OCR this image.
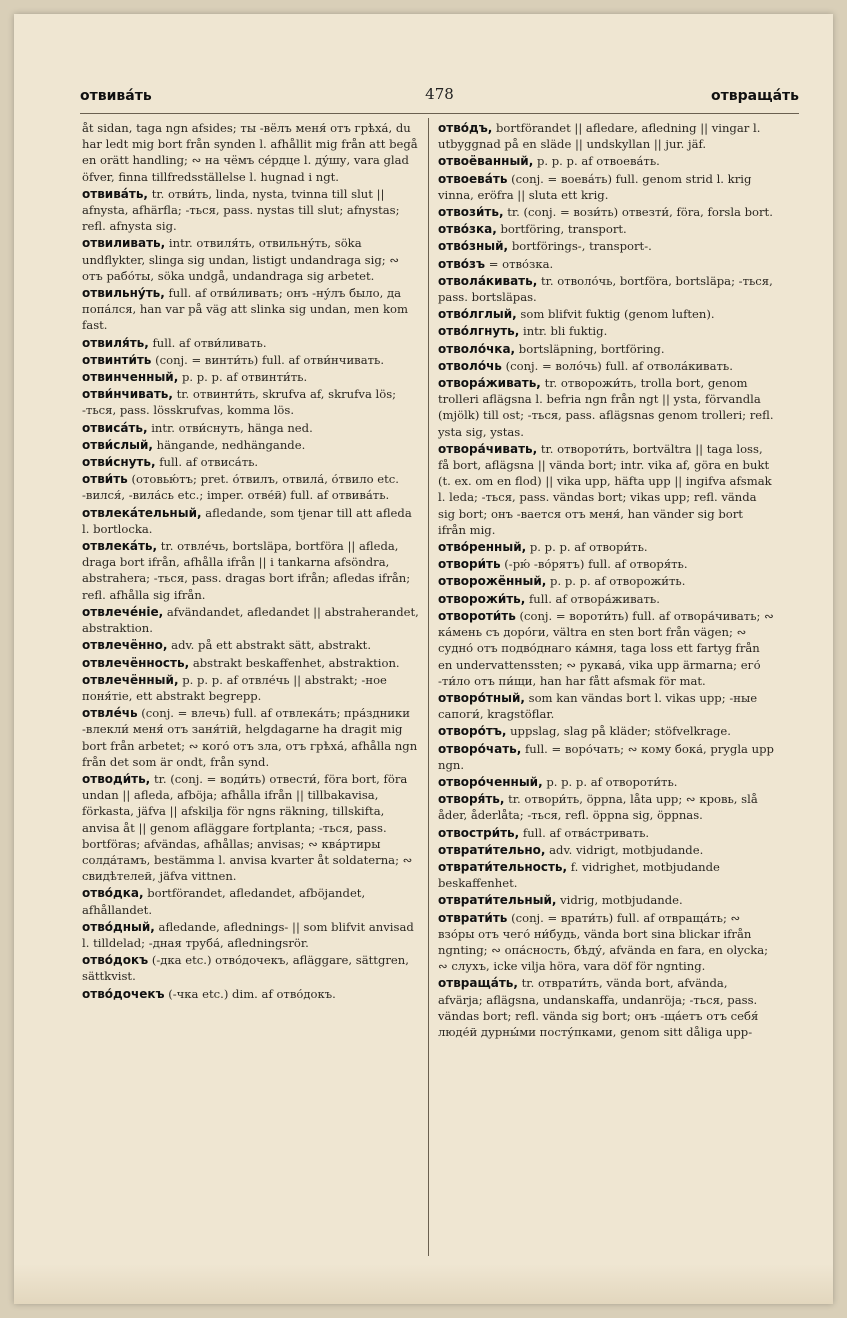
отвивáть	478	отвращáть

åt sidan, taga ngn afsides; ты -вёлъ меня́ отъ грѣха́, du har ledt mig bort från synden l. afhållit mig från att begå en orätt handling; ∾ на чёмъ се́рдце l. ду́шу, vara glad öfver, finna tillfredsställelse l. hugnad i ngt.

отвивáть, tr. отви́ть, linda, nysta, tvinna till slut || afnysta, afhärfla; -ться, pass. nystas till slut; afnystas; refl. afnysta sig.

отвиливать, intr. отвиля́ть, отвильну́ть, söka undflykter, slinga sig undan, listigt undandraga sig; ∾ отъ рабо́ты, söka undgå, undandraga sig arbetet.

отвильну́ть, full. af отви́ливать; онъ -ну́лъ было, да попа́лся, han var på väg att slinka sig undan, men kom fast.

отвиля́ть, full. af отви́ливать.

отвинти́ть (conj. = винти́ть) full. af отви́нчивать.

отвинченный, p. p. p. af отвинти́ть.

отви́нчивать, tr. отвинти́ть, skrufva af, skrufva lös; -ться, pass. lösskrufvas, komma lös.

отвисáть, intr. отви́снуть, hänga ned.

отви́слый, hängande, nedhängande.

отви́снуть, full. af отвисáть.

отви́ть (отовью́тъ; pret. о́твилъ, отвила́, о́твило etc. -вился́, -вила́сь etc.; imper. отве́й) full. af отвивáть.

отвлекáтельный, afledande, som tjenar till att afleda l. bortlocka.

отвлекáть, tr. отвлéчь, bortsläpa, bortföra || afleda, draga bort ifrån, afhålla ifrån || i tankarna afsöndra, abstrahera; -ться, pass. dragas bort ifrån; afledas ifrån; refl. afhålla sig ifrån.

отвлечéніе, afvändandet, afledandet || abstraherandet, abstraktion.

отвлечённо, adv. på ett abstrakt sätt, abstrakt.

отвлечённость, abstrakt beskaffenhet, abstraktion.

отвлечённый, p. p. p. af отвлéчь || abstrakt; -ное поня́тіе, ett abstrakt begrepp.

отвлéчь (conj. = влечь) full. af отвлекáть; пра́здники -влекли́ меня́ отъ заня́тій, helgdagarne ha dragit mig bort från arbetet; ∾ кого́ отъ зла, отъ грѣха́, afhålla ngn från det som är ondt, från synd.

отводи́ть, tr. (conj. = води́ть) отвести́, föra bort, föra undan || afleda, afböja; afhålla ifrån || tillbakavisa, förkasta, jäfva || afskilja för ngns räkning, tillskifta, anvisa åt || genom afläggare fortplanta; -ться, pass. bortföras; afvändas, afhållas; anvisas; ∾ ква́ртиры солда́тамъ, bestämma l. anvisa kvarter åt soldaterna; ∾ свидѣтелей, jäfva vittnen.

отво́дка, bortförandet, afledandet, afböjandet, afhållandet.

отво́дный, afledande, aflednings- || som blifvit anvisad l. tilldelad; -дная труба́, afledningsrör.

отво́докъ (-дка etc.) отво́дочекъ, afläggare, sättgren, sättkvist.

отво́дочекъ (-чка etc.) dim. af отво́докъ.

отво́дъ, bortförandet || afledare, afledning || vingar l. utbyggnad på en släde || undskyllan || jur. jäf.

отвоёванный, p. p. p. af отвоевáть.

отвоевáть (conj. = воевáть) full. genom strid l. krig vinna, eröfra || sluta ett krig.

отвози́ть, tr. (conj. = вози́ть) отвезти́, föra, forsla bort.

отво́зка, bortföring, transport.

отво́зный, bortförings-, transport-.

отво́зъ = отво́зка.

отвола́кивать, tr. отволо́чь, bortföra, bortsläpa; -ться, pass. bortsläpas.

отво́лглый, som blifvit fuktig (genom luften).

отво́лгнуть, intr. bli fuktig.

отволо́чка, bortsläpning, bortföring.

отволо́чь (conj. = воло́чь) full. af отвола́кивать.

отвора́живать, tr. отворожи́ть, trolla bort, genom trolleri aflägsna l. befria ngn från ngt || ysta, förvandla (mjölk) till ost; -ться, pass. aflägsnas genom trolleri; refl. ysta sig, ystas.

отвора́чивать, tr. отвороти́ть, bortvältra || taga loss, få bort, aflägsna || vända bort; intr. vika af, göra en bukt (t. ex. om en flod) || vika upp, häfta upp || ingifva afsmak l. leda; -ться, pass. vändas bort; vikas upp; refl. vända sig bort; онъ -вается отъ меня́, han vänder sig bort ifrån mig.

отво́ренный, p. p. p. af отвори́ть.

отвори́ть (-рю́ -во́рятъ) full. af отворя́ть.

отворожённый, p. p. p. af отворожи́ть.

отворожи́ть, full. af отвора́живать.

отвороти́ть (conj. = вороти́ть) full. af отвора́чивать; ∾ ка́мень съ доро́ги, vältra en sten bort från vägen; ∾ судно́ отъ подво́днаго ка́мня, taga loss ett fartyg från en undervattenssten; ∾ рукава́, vika upp ärmarna; его́ -ти́ло отъ пи́щи, han har fått afsmak för mat.

отворо́тный, som kan vändas bort l. vikas upp; -ные сапоги́, kragstöflar.

отворо́тъ, uppslag, slag på kläder; stöfvelkrage.

отворо́чать, full. = воро́чать; ∾ кому бока́, prygla upp ngn.

отворо́ченный, p. p. p. af отвороти́ть.

отворя́ть, tr. отвори́ть, öppna, låta upp; ∾ кровь, slå åder, åderlåta; -ться, refl. öppna sig, öppnas.

отвостри́ть, full. af отва́стривать.

отврати́тельно, adv. vidrigt, motbjudande.

отврати́тельность, f. vidrighet, motbjudande beskaffenhet.

отврати́тельный, vidrig, motbjudande.

отврати́ть (conj. = врати́ть) full. af отвращáть; ∾ взо́ры отъ чего́ ни́будь, vända bort sina blickar ifrån ngnting; ∾ опа́сность, бѣду́, afvända en fara, en olycka; ∾ слухъ, icke vilja höra, vara döf för ngnting.

отвращáть, tr. отврати́ть, vända bort, afvända, afvärja; aflägsna, undanskaffa, undanröja; -ться, pass. vändas bort; refl. vända sig bort; онъ -щáетъ отъ себя́ люде́й дурны́ми посту́пками, genom sitt dåliga upp-
